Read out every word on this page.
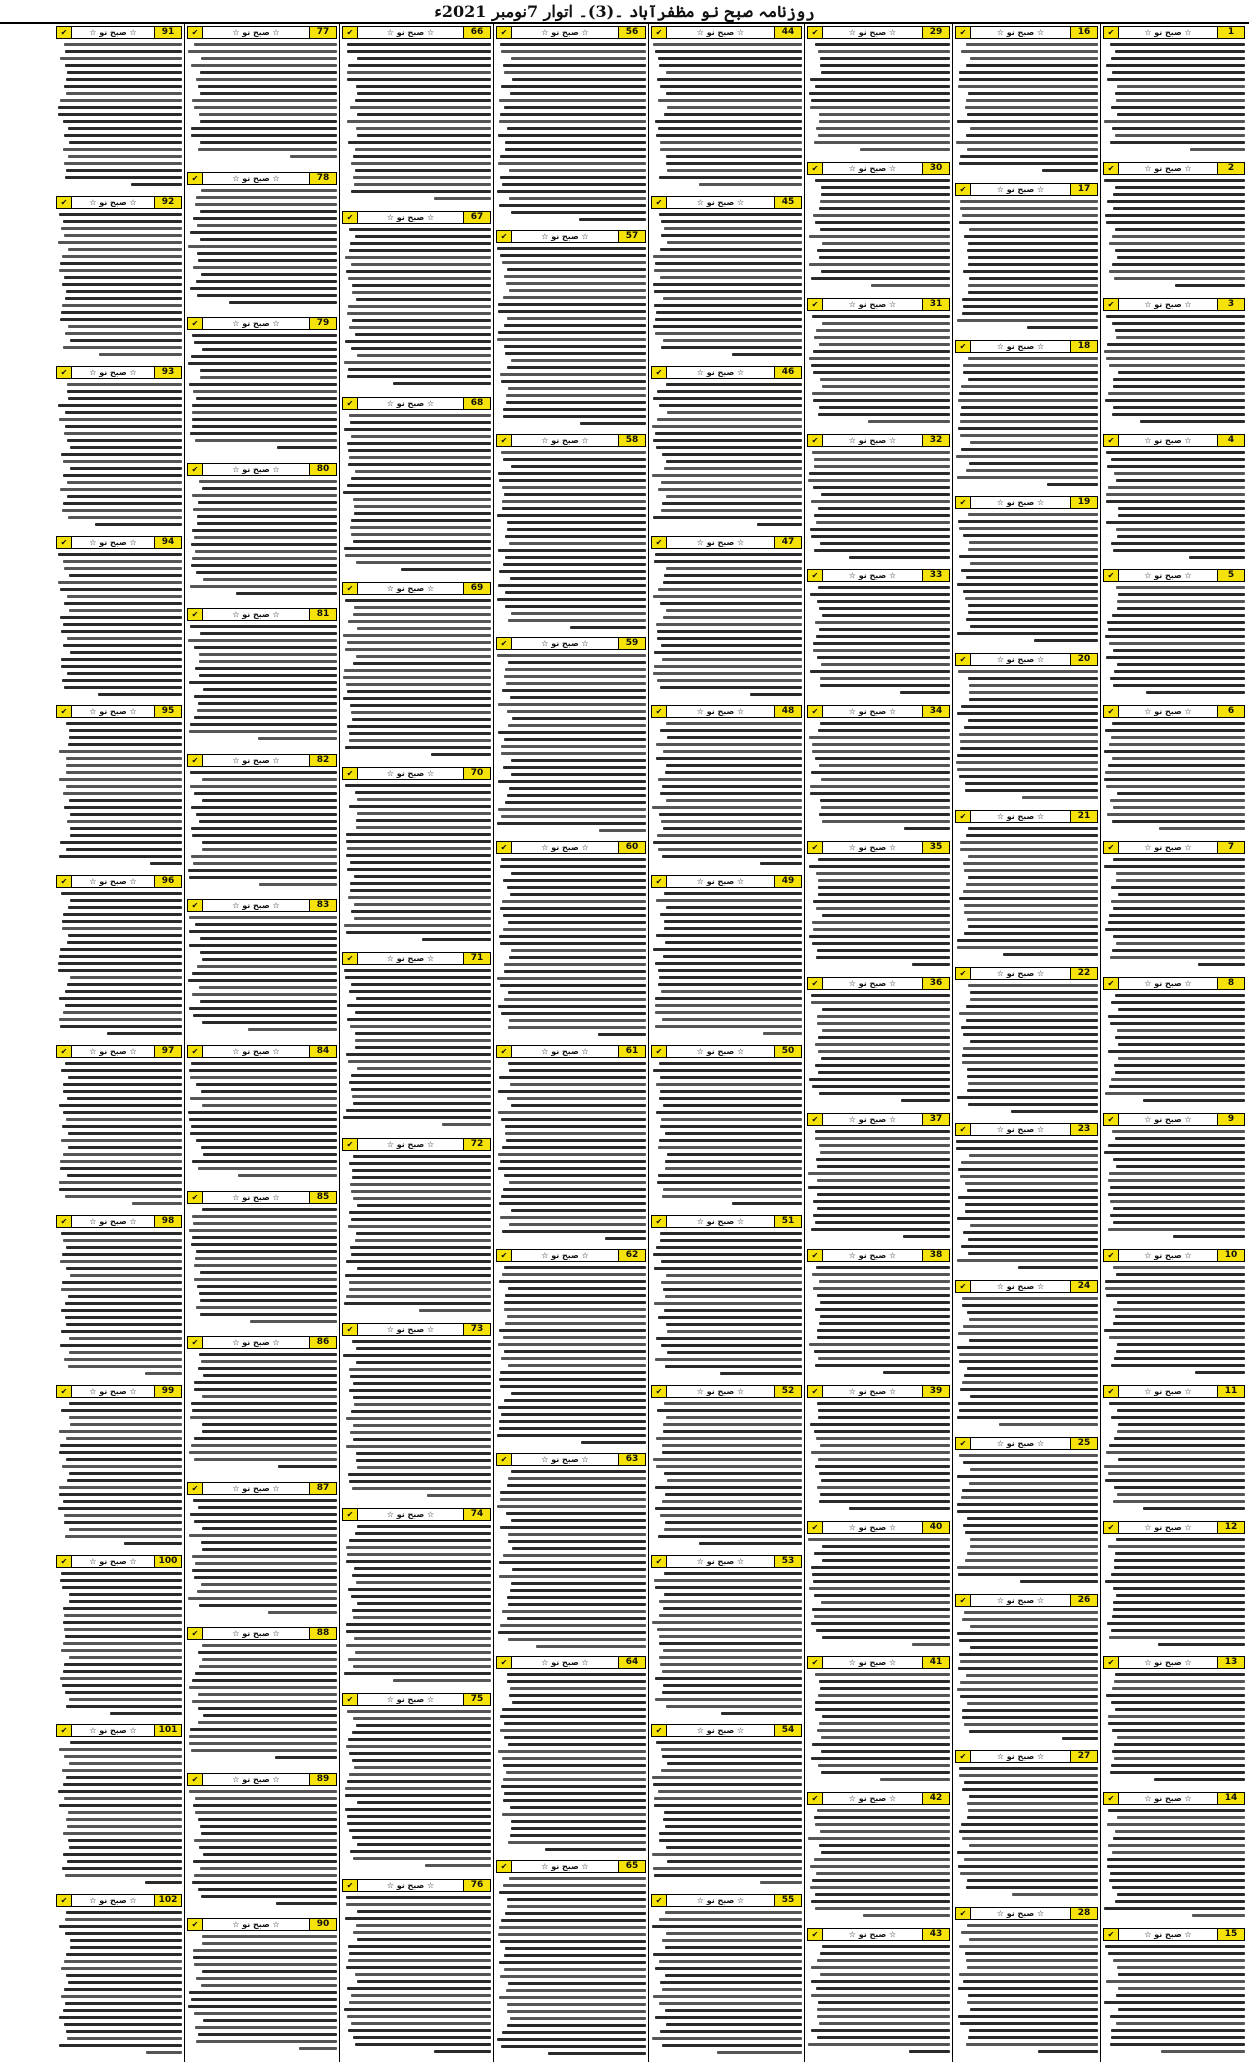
روزنامہ صبح نو مظفرآباد ۔(3)۔ اتوار 7نومبر 2021ء
1
☆ صبح نو ☆
✔
2
☆ صبح نو ☆
✔
3
☆ صبح نو ☆
✔
4
☆ صبح نو ☆
✔
5
☆ صبح نو ☆
✔
6
☆ صبح نو ☆
✔
7
☆ صبح نو ☆
✔
8
☆ صبح نو ☆
✔
9
☆ صبح نو ☆
✔
10
☆ صبح نو ☆
✔
11
☆ صبح نو ☆
✔
12
☆ صبح نو ☆
✔
13
☆ صبح نو ☆
✔
14
☆ صبح نو ☆
✔
15
☆ صبح نو ☆
✔
16
☆ صبح نو ☆
✔
17
☆ صبح نو ☆
✔
18
☆ صبح نو ☆
✔
19
☆ صبح نو ☆
✔
20
☆ صبح نو ☆
✔
21
☆ صبح نو ☆
✔
22
☆ صبح نو ☆
✔
23
☆ صبح نو ☆
✔
24
☆ صبح نو ☆
✔
25
☆ صبح نو ☆
✔
26
☆ صبح نو ☆
✔
27
☆ صبح نو ☆
✔
28
☆ صبح نو ☆
✔
29
☆ صبح نو ☆
✔
30
☆ صبح نو ☆
✔
31
☆ صبح نو ☆
✔
32
☆ صبح نو ☆
✔
33
☆ صبح نو ☆
✔
34
☆ صبح نو ☆
✔
35
☆ صبح نو ☆
✔
36
☆ صبح نو ☆
✔
37
☆ صبح نو ☆
✔
38
☆ صبح نو ☆
✔
39
☆ صبح نو ☆
✔
40
☆ صبح نو ☆
✔
41
☆ صبح نو ☆
✔
42
☆ صبح نو ☆
✔
43
☆ صبح نو ☆
✔
44
☆ صبح نو ☆
✔
45
☆ صبح نو ☆
✔
46
☆ صبح نو ☆
✔
47
☆ صبح نو ☆
✔
48
☆ صبح نو ☆
✔
49
☆ صبح نو ☆
✔
50
☆ صبح نو ☆
✔
51
☆ صبح نو ☆
✔
52
☆ صبح نو ☆
✔
53
☆ صبح نو ☆
✔
54
☆ صبح نو ☆
✔
55
☆ صبح نو ☆
✔
56
☆ صبح نو ☆
✔
57
☆ صبح نو ☆
✔
58
☆ صبح نو ☆
✔
59
☆ صبح نو ☆
✔
60
☆ صبح نو ☆
✔
61
☆ صبح نو ☆
✔
62
☆ صبح نو ☆
✔
63
☆ صبح نو ☆
✔
64
☆ صبح نو ☆
✔
65
☆ صبح نو ☆
✔
66
☆ صبح نو ☆
✔
67
☆ صبح نو ☆
✔
68
☆ صبح نو ☆
✔
69
☆ صبح نو ☆
✔
70
☆ صبح نو ☆
✔
71
☆ صبح نو ☆
✔
72
☆ صبح نو ☆
✔
73
☆ صبح نو ☆
✔
74
☆ صبح نو ☆
✔
75
☆ صبح نو ☆
✔
76
☆ صبح نو ☆
✔
77
☆ صبح نو ☆
✔
78
☆ صبح نو ☆
✔
79
☆ صبح نو ☆
✔
80
☆ صبح نو ☆
✔
81
☆ صبح نو ☆
✔
82
☆ صبح نو ☆
✔
83
☆ صبح نو ☆
✔
84
☆ صبح نو ☆
✔
85
☆ صبح نو ☆
✔
86
☆ صبح نو ☆
✔
87
☆ صبح نو ☆
✔
88
☆ صبح نو ☆
✔
89
☆ صبح نو ☆
✔
90
☆ صبح نو ☆
✔
91
☆ صبح نو ☆
✔
92
☆ صبح نو ☆
✔
93
☆ صبح نو ☆
✔
94
☆ صبح نو ☆
✔
95
☆ صبح نو ☆
✔
96
☆ صبح نو ☆
✔
97
☆ صبح نو ☆
✔
98
☆ صبح نو ☆
✔
99
☆ صبح نو ☆
✔
100
☆ صبح نو ☆
✔
101
☆ صبح نو ☆
✔
102
☆ صبح نو ☆
✔
